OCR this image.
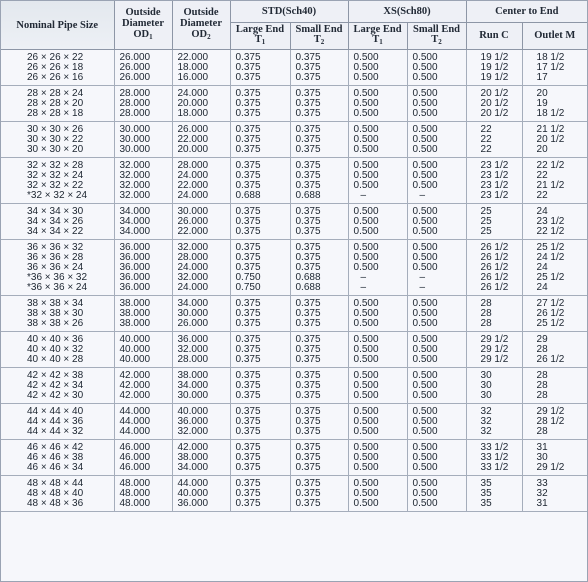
Nominal Pipe Size	Outside Diameter $OD_1$	Outside Diameter $OD_2$	STD(Sch40)		XS(Sch80)		Center to End	
			Large End $T_1$	Small End $T_2$	Large End $T_1$	Small End $T_2$	Run C	Outlet M
26 × 26 × 22	26.000	22.000	0.375	0.375	0.500	0.500	19 1/2	18 1/2
26 × 26 × 18	26.000	18.000	0.375	0.375	0.500	0.500	19 1/2	17 1/2
26 × 26 × 16	26.000	16.000	0.375	0.375	0.500	0.500	19 1/2	17
28 × 28 × 24	28.000	24.000	0.375	0.375	0.500	0.500	20 1/2	20
28 × 28 × 20	28.000	20.000	0.375	0.375	0.500	0.500	20 1/2	19
28 × 28 × 18	28.000	18.000	0.375	0.375	0.500	0.500	20 1/2	18 1/2
30 × 30 × 26	30.000	26.000	0.375	0.375	0.500	0.500	22	21 1/2
30 × 30 × 22	30.000	22.000	0.375	0.375	0.500	0.500	22	20 1/2
30 × 30 × 20	30.000	20.000	0.375	0.375	0.500	0.500	22	20
32 × 32 × 28	32.000	28.000	0.375	0.375	0.500	0.500	23 1/2	22 1/2
32 × 32 × 24	32.000	24.000	0.375	0.375	0.500	0.500	23 1/2	22
32 × 32 × 22	32.000	22.000	0.375	0.375	0.500	0.500	23 1/2	21 1/2
*32 × 32 × 24	32.000	24.000	0.688	0.688	–	–	23 1/2	22
34 × 34 × 30	34.000	30.000	0.375	0.375	0.500	0.500	25	24
34 × 34 × 26	34.000	26.000	0.375	0.375	0.500	0.500	25	23 1/2
34 × 34 × 22	34.000	22.000	0.375	0.375	0.500	0.500	25	22 1/2
36 × 36 × 32	36.000	32.000	0.375	0.375	0.500	0.500	26 1/2	25 1/2
36 × 36 × 28	36.000	28.000	0.375	0.375	0.500	0.500	26 1/2	24 1/2
36 × 36 × 24	36.000	24.000	0.375	0.375	0.500	0.500	26 1/2	24
*36 × 36 × 32	36.000	32.000	0.750	0.688	–	–	26 1/2	25 1/2
*36 × 36 × 24	36.000	24.000	0.750	0.688	–	–	26 1/2	24
38 × 38 × 34	38.000	34.000	0.375	0.375	0.500	0.500	28	27 1/2
38 × 38 × 30	38.000	30.000	0.375	0.375	0.500	0.500	28	26 1/2
38 × 38 × 26	38.000	26.000	0.375	0.375	0.500	0.500	28	25 1/2
40 × 40 × 36	40.000	36.000	0.375	0.375	0.500	0.500	29 1/2	29
40 × 40 × 32	40.000	32.000	0.375	0.375	0.500	0.500	29 1/2	28
40 × 40 × 28	40.000	28.000	0.375	0.375	0.500	0.500	29 1/2	26 1/2
42 × 42 × 38	42.000	38.000	0.375	0.375	0.500	0.500	30	28
42 × 42 × 34	42.000	34.000	0.375	0.375	0.500	0.500	30	28
42 × 42 × 30	42.000	30.000	0.375	0.375	0.500	0.500	30	28
44 × 44 × 40	44.000	40.000	0.375	0.375	0.500	0.500	32	29 1/2
44 × 44 × 36	44.000	36.000	0.375	0.375	0.500	0.500	32	28 1/2
44 × 44 × 32	44.000	32.000	0.375	0.375	0.500	0.500	32	28
46 × 46 × 42	46.000	42.000	0.375	0.375	0.500	0.500	33 1/2	31
46 × 46 × 38	46.000	38.000	0.375	0.375	0.500	0.500	33 1/2	30
46 × 46 × 34	46.000	34.000	0.375	0.375	0.500	0.500	33 1/2	29 1/2
48 × 48 × 44	48.000	44.000	0.375	0.375	0.500	0.500	35	33
48 × 48 × 40	48.000	40.000	0.375	0.375	0.500	0.500	35	32
48 × 48 × 36	48.000	36.000	0.375	0.375	0.500	0.500	35	31
